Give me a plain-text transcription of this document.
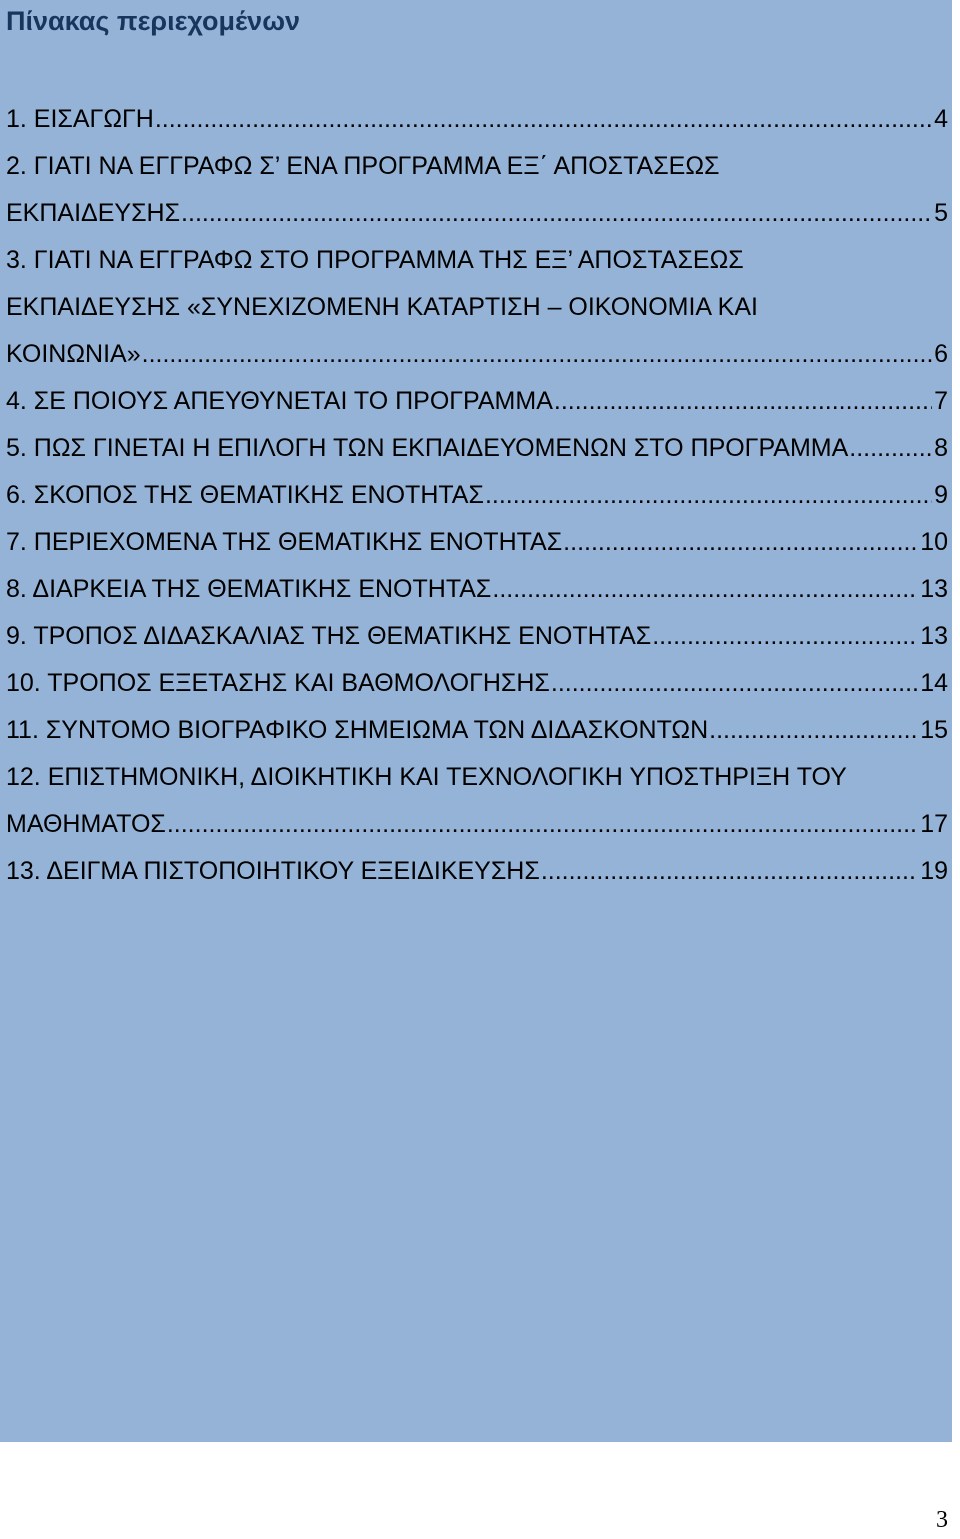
Πίνακας περιεχομένων
1. ΕΙΣΑΓΩΓΗ .....	4
2. ΓΙΑΤΙ ΝΑ ΕΓΓΡΑΦΩ Σ’ ΕΝΑ ΠΡΟΓΡΑΜΜΑ ΕΞ΄ ΑΠΟΣΤΑΣΕΩΣ
ΕΚΠΑΙΔΕΥΣΗΣ .....	5
3. ΓΙΑΤΙ ΝΑ ΕΓΓΡΑΦΩ ΣΤΟ ΠΡΟΓΡΑΜΜΑ ΤΗΣ ΕΞ’ ΑΠΟΣΤΑΣΕΩΣ
ΕΚΠΑΙΔΕΥΣΗΣ «ΣΥΝΕΧΙΖΟΜΕΝΗ ΚΑΤΑΡΤΙΣΗ – ΟΙΚΟΝΟΜΙΑ ΚΑΙ
ΚΟΙΝΩΝΙΑ» .....	6
4. ΣΕ ΠΟΙΟΥΣ ΑΠΕΥΘΥΝΕΤΑΙ ΤΟ ΠΡΟΓΡΑΜΜΑ .....	7
5. ΠΩΣ ΓΙΝΕΤΑΙ Η ΕΠΙΛΟΓΗ ΤΩΝ ΕΚΠΑΙΔΕΥΟΜΕΝΩΝ ΣΤΟ ΠΡΟΓΡΑΜΜΑ .....	8
6. ΣΚΟΠΟΣ ΤΗΣ ΘΕΜΑΤΙΚΗΣ ΕΝΟΤΗΤΑΣ .....	9
7. ΠΕΡΙΕΧΟΜΕΝΑ ΤΗΣ ΘΕΜΑΤΙΚΗΣ ΕΝΟΤΗΤΑΣ .....	10
8. ΔΙΑΡΚΕΙΑ ΤΗΣ ΘΕΜΑΤΙΚΗΣ ΕΝΟΤΗΤΑΣ .....	13
9. ΤΡΟΠΟΣ ΔΙΔΑΣΚΑΛΙΑΣ ΤΗΣ ΘΕΜΑΤΙΚΗΣ ΕΝΟΤΗΤΑΣ .....	13
10. ΤΡΟΠΟΣ ΕΞΕΤΑΣΗΣ ΚΑΙ ΒΑΘΜΟΛΟΓΗΣΗΣ .....	14
11. ΣΥΝΤΟΜΟ ΒΙΟΓΡΑΦΙΚΟ ΣΗΜΕΙΩΜΑ ΤΩΝ ΔΙΔΑΣΚΟΝΤΩΝ .....	15
12. ΕΠΙΣΤΗΜΟΝΙΚΗ, ΔΙΟΙΚΗΤΙΚΗ ΚΑΙ ΤΕΧΝΟΛΟΓΙΚΗ ΥΠΟΣΤΗΡΙΞΗ ΤΟΥ
ΜΑΘΗΜΑΤΟΣ .....	17
13. ΔΕΙΓΜΑ ΠΙΣΤΟΠΟΙΗΤΙΚΟΥ ΕΞΕΙΔΙΚΕΥΣΗΣ .....	19
3
